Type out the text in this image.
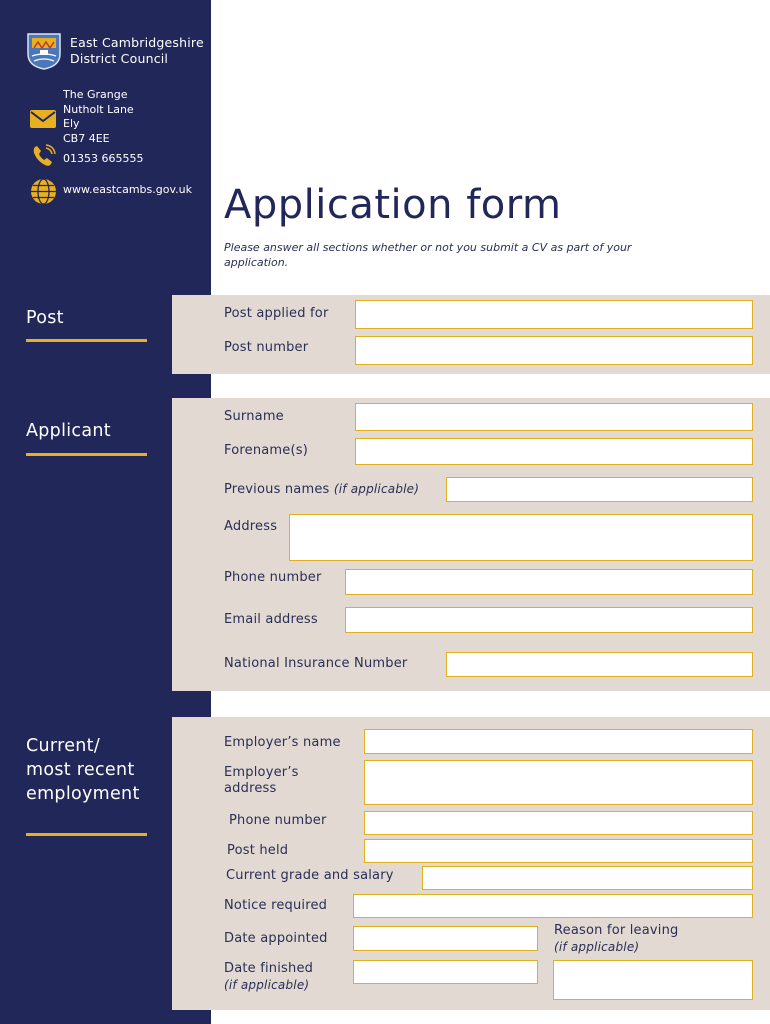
East Cambridgeshire
District Council
The Grange
Nutholt Lane
Ely
CB7 4EE
01353 665555
www.eastcambs.gov.uk
Post
Applicant
Current/
most recent
employment
Application form
Please answer all sections whether or not you submit a CV as part of your application.
Post applied for
Post number
Surname
Forename(s)
Previous names (if applicable)
Address
Phone number
Email address
National Insurance Number
Employer’s name
Employer’s
address
Phone number
Post held
Current grade and salary
Notice required
Date appointed
Reason for leaving
(if applicable)
Date finished
(if applicable)
